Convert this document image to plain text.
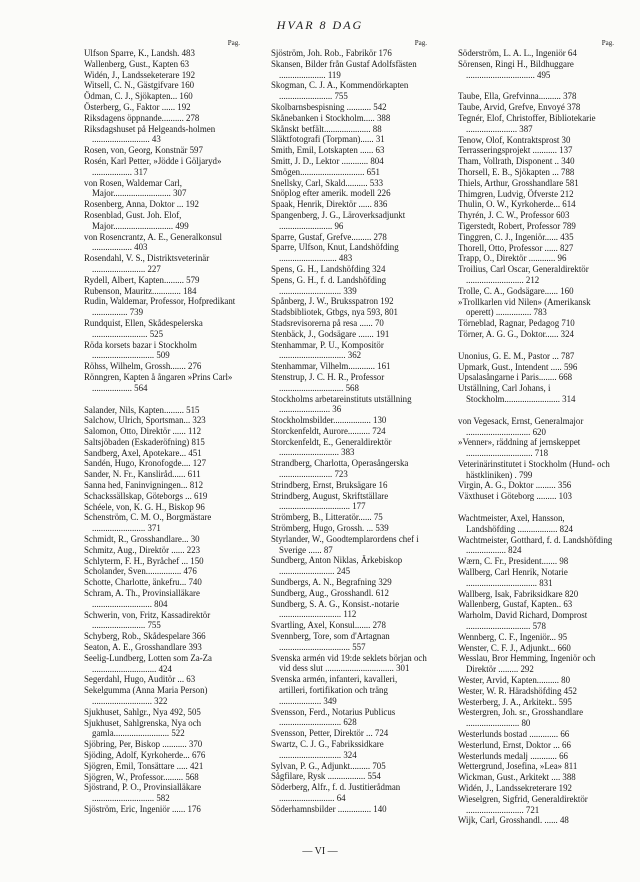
HVAR 8 DAG
Pag.
Ulfson Sparre, K., Landsh. 483
Wallenberg, Gust., Kapten 63
Widén, J., Landsseketerare 192
Witsell, C. N., Gästgifvare 160
Ödman, C. J., Sjökapten... 160
Österberg, G., Faktor ...... 192
Riksdagens öppnande.......... 278
Riksdagshuset på Helgeands-holmen .......................... 43
Rosen, von, Georg, Konstnär 597
Rosén, Karl Petter, »Jödde i Göljaryd» .................. 317
von Rosen, Waldemar Carl, Major.......................... 307
Rosenberg, Anna, Doktor ... 192
Rosenblad, Gust. Joh. Elof, Major........................... 499
von Rosencrantz, A. E., Generalkonsul .................. 403
Rosendahl, V. S., Distriktsveterinär ........................ 227
Rydell, Albert, Kapten......... 579
Rubenson, Mauritz............. 184
Rudin, Waldemar, Professor, Hofpredikant ................ 739
Rundquist, Ellen, Skådespelerska ......................... 525
Röda korsets bazar i Stockholm ............................ 509
Röhss, Wilhelm, Grossh....... 276
Rönngren, Kapten å ångaren »Prins Carl» .................. 564
Salander, Nils, Kapten......... 515
Salchow, Ulrich, Sportsman... 323
Salomon, Otto, Direktör ...... 112
Saltsjöbaden (Eskaderöfning) 815
Sandberg, Axel, Apotekare... 451
Sandén, Hugo, Kronofogde.... 127
Sander, N. Fr., Kansliråd...... 611
Sanna hed, Faninvigningen... 812
Schackssällskap, Göteborgs ... 619
Schéele, von, K. G. H., Biskop 96
Schenström, C. M. O., Borgmästare ........................ 371
Schmidt, R., Grosshandlare... 30
Schmitz, Aug., Direktör ...... 223
Schlyterm, F. H., Byråchef ... 150
Scholander, Sven................ 476
Schotte, Charlotte, änkefru... 740
Schram, A. Th., Provinsialläkare ........................... 804
Schwerin, von, Fritz, Kassadirektör ........................ 755
Schyberg, Rob., Skådespelare 366
Seaton, A. E., Grosshandlare 393
Seelig-Lundberg, Lotten som Za-Za ............................. 424
Segerdahl, Hugo, Auditör ... 63
Sekelgumma (Anna Maria Person) ........................... 322
Sjukhuset, Sahlgr., Nya 492, 505
Sjukhuset, Sahlgrenska, Nya och gamla......................... 522
Sjöbring, Per, Biskop ........... 370
Sjöding, Adolf, Kyrkoherde... 676
Sjögren, Emil, Tonsättare ..... 421
Sjögren, W., Professor......... 568
Sjöstrand, P. O., Provinsialläkare ............................ 582
Sjöström, Eric, Ingeniör ...... 176
Pag.
Sjöström, Joh. Rob., Fabrikör 176
Skansen, Bilder från Gustaf Adolfsfästen ..................... 119
Skogman, C. J. A., Kommendörkapten ........................ 755
Skolbarnsbespisning ........... 542
Skånebanken i Stockholm..... 388
Skånskt betfält..................... 88
Släktfotografi (Torpman)...... 31
Smith, Emil, Lotskapten ...... 63
Smitt, J. D., Lektor ............ 804
Smögen............................. 651
Snellsky, Carl, Skald.......... 533
Snöplog efter amerik. modell 226
Spaak, Henrik, Direktör ...... 836
Spangenberg, J. G., Läroverksadjunkt ........................ 96
Sparre, Gustaf, Grefve......... 278
Sparre, Ulfson, Knut, Landshöfding .......................... 483
Spens, G. H., Landshöfding 324
Spens, G. H., f. d. Landshöfding ............................ 339
Spånberg, J. W., Bruksspatron 192
Stadsbibliotek, Gtbgs, nya 593, 801
Stadsrevisorerna på resa ...... 70
Stenbäck, J., Godsägare ....... 191
Stenhammar, P. U., Kompositör .............................. 362
Stenhammar, Vilhelm............ 161
Stenstrup, J. C. H. R., Professor ............................. 568
Stockholms arbetareinstituts utställning ....................... 36
Stockholmsbilder................. 130
Storckenfeldt, Aurore.......... 724
Storckenfeldt, E., Generaldirektör ........................... 383
Strandberg, Charlotta, Operasångerska ........................ 723
Strindberg, Ernst, Bruksägare 16
Strindberg, August, Skriftställare ................................ 177
Strömberg, B., Litteratör...... 75
Strömberg, Hugo, Grossh. ... 539
Styrlander, W., Goodtemplarordens chef i Sverige ...... 87
Sundberg, Anton Niklas, Ärkebiskop ......................... 245
Sundbergs, A. N., Begrafning 329
Sundberg, Aug., Grosshandl. 612
Sundberg, S. A. G., Konsist.-notarie ............................ 112
Svartling, Axel, Konsul....... 278
Svennberg, Tore, som d'Artagnan ................................ 557
Svenska armén vid 19:de seklets början och vid dess slut ............................... 301
Svenska armén, infanteri, kavalleri, artilleri, fortifikation och träng ................... 349
Svensson, Ferd., Notarius Publicus ............................ 628
Svensson, Petter, Direktör ... 724
Swartz, C. J. G., Fabrikssidkare ............................ 324
Sylvan, P. G., Adjunkt......... 705
Sågfilare, Rysk ................. 554
Söderberg, Alfr., f. d. Justitierådman ......................... 64
Söderhamnsbilder ............... 140
Pag.
Söderström, L. A. L., Ingeniör 64
Sörensen, Ringi H., Bildhuggare ............................... 495
Taube, Ella, Grefvinna.......... 378
Taube, Arvid, Grefve, Envoyé 378
Tegnér, Elof, Christoffer, Bibliotekarie ....................... 387
Tenow, Olof, Kontraktsprost 30
Terrasseringsprojekt ........... 137
Tham, Vollrath, Disponent .. 340
Thorsell, E. B., Sjökapten ... 788
Thiels, Arthur, Grosshandlare 581
Thimgren, Ludvig, Öfverste 212
Thulin, O. W., Kyrkoherde... 614
Thyrén, J. C. W., Professor 603
Tigerstedt, Robert, Professor 789
Tinggren, C. J., Ingeniör...... 435
Thorell, Otto, Professor ...... 827
Trapp, O., Direktör ............ 96
Troilius, Carl Oscar, Generaldirektör .......................... 212
Trolle, C. A., Godsägare...... 160
»Trollkarlen vid Nilen» (Amerikansk operett) ................ 783
Törneblad, Ragnar, Pedagog 710
Törner, A. G. G., Doktor...... 324
Unonius, G. E. M., Pastor ... 787
Upmark, Gust., Intendent ..... 596
Upsalasångarne i Paris........ 668
Utställning, Carl Johans, i Stockholm......................... 314
von Vegesack, Ernst, Generalmajor ............................. 620
»Venner», räddning af jernskeppet .............................. 718
Veterinärinstitutet i Stockholm (Hund- och hästkliniken) . 799
Virgin, A. G., Doktor ......... 356
Växthuset i Göteborg ......... 103
Wachtmeister, Axel, Hansson, Landshöfding .................. 824
Wachtmeister, Gotthard, f. d. Landshöfding .................. 824
Wærn, C. Fr., President....... 98
Wallberg, Carl Henrik, Notarie ................................ 831
Wallberg, Isak, Fabriksidkare 820
Wallenberg, Gustaf, Kapten.. 63
Warholm, David Richard, Domprost ............................. 578
Wennberg, C. F., Ingeniör... 95
Wenster, C. F. J., Adjunkt... 660
Wesslau, Bror Hemming, Ingeniör och Direktör ......... 292
Wester, Arvid, Kapten.......... 80
Wester, W. R. Häradshöfding 452
Westerberg, J. A., Arkitekt.. 595
Westergren, Joh. sr., Grosshandlare ........................ 80
Westerlunds bostad ............. 66
Westerlund, Ernst, Doktor ... 66
Westerlunds medalj ............ 66
Wettergrund, Josefina, »Lea» 811
Wickman, Gust., Arkitekt .... 388
Widén, J., Landssekreterare 192
Wieselgren, Sigfrid, Generaldirektör .......................... 721
Wijk, Carl, Grosshandl. ...... 48
— VI —
